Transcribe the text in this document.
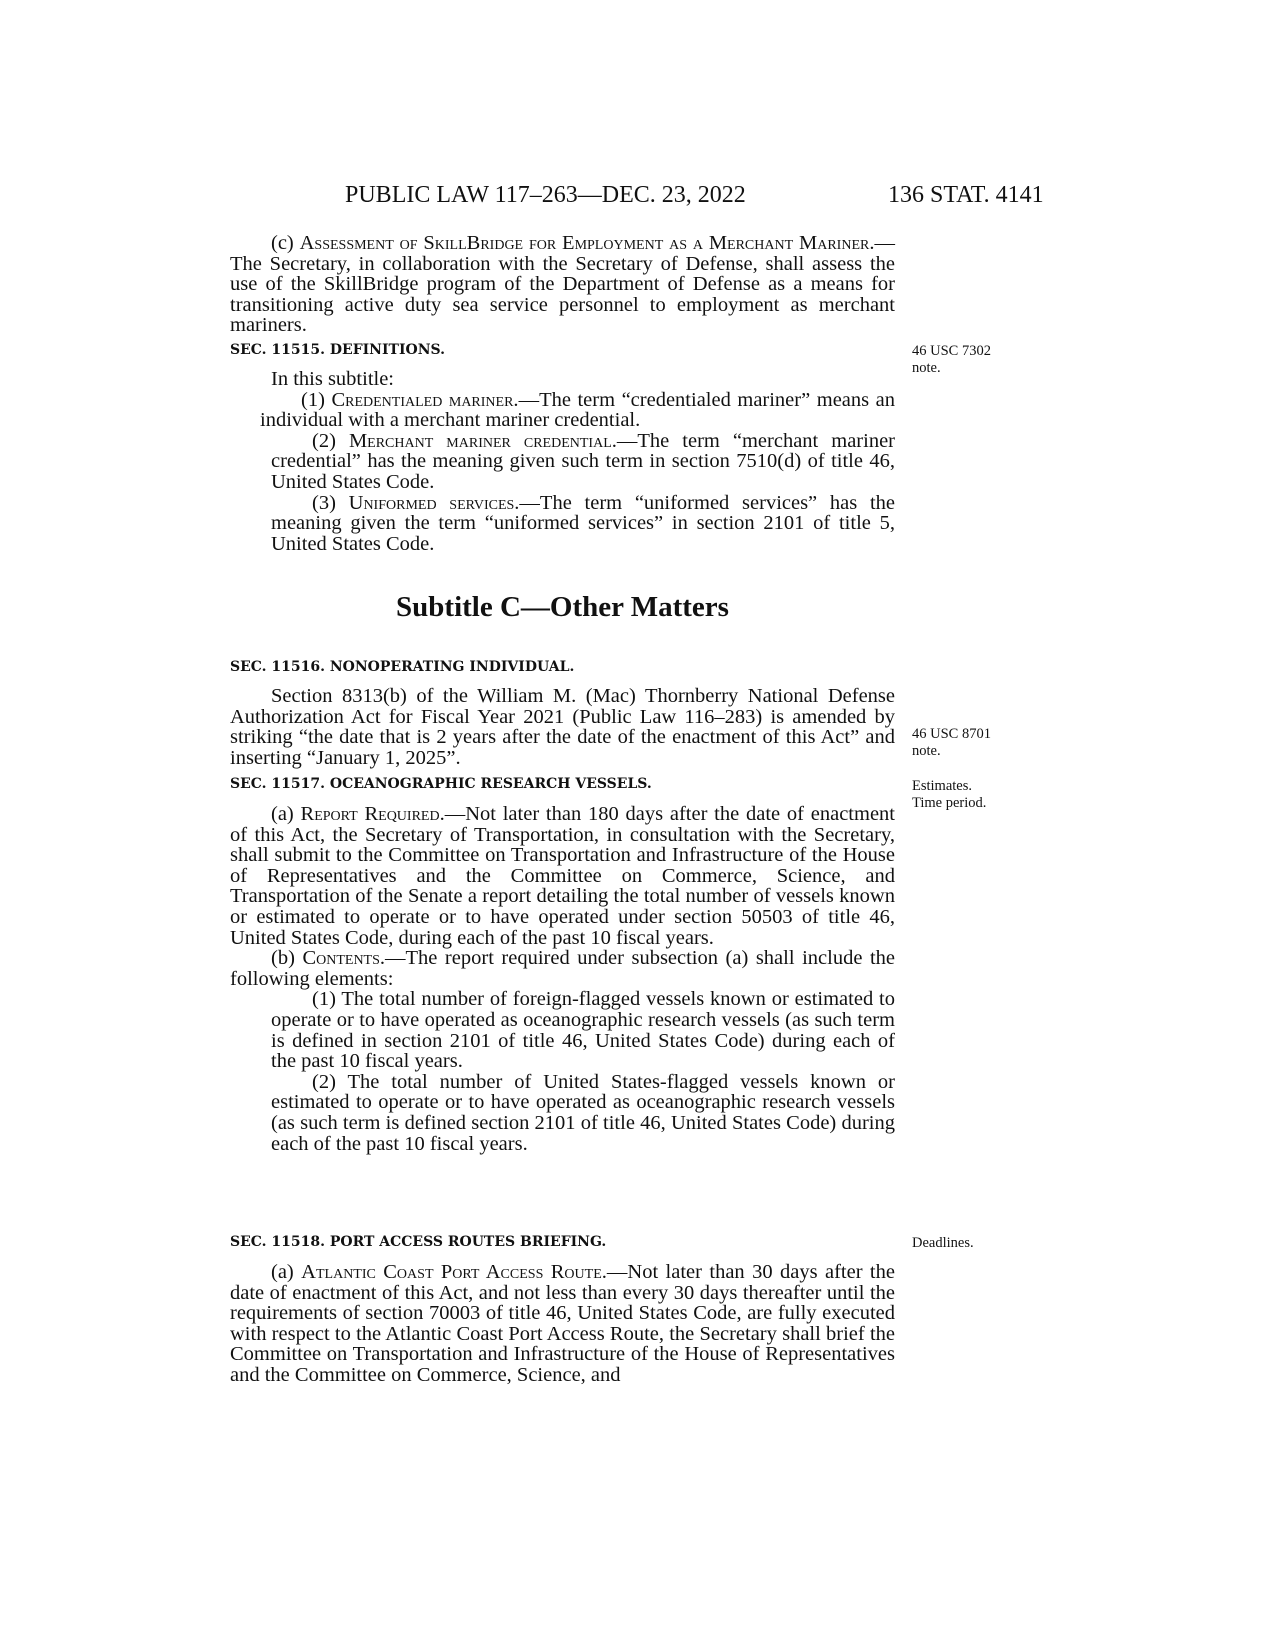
PUBLIC LAW 117–263—DEC. 23, 2022	136 STAT. 4141

(c) Assessment of SkillBridge for Employment as a Merchant Mariner.—The Secretary, in collaboration with the Secretary of Defense, shall assess the use of the SkillBridge program of the Department of Defense as a means for transitioning active duty sea service personnel to employment as merchant mariners.

SEC. 11515. DEFINITIONS.

In this subtitle:

(1) Credentialed mariner.—The term “credentialed mariner” means an individual with a merchant mariner credential.

(2) Merchant mariner credential.—The term “merchant mariner credential” has the meaning given such term in section 7510(d) of title 46, United States Code.

(3) Uniformed services.—The term “uniformed services” has the meaning given the term “uniformed services” in section 2101 of title 5, United States Code.

Subtitle C—Other Matters
SEC. 11516. NONOPERATING INDIVIDUAL.

Section 8313(b) of the William M. (Mac) Thornberry National Defense Authorization Act for Fiscal Year 2021 (Public Law 116–283) is amended by striking “the date that is 2 years after the date of the enactment of this Act” and inserting “January 1, 2025”.

SEC. 11517. OCEANOGRAPHIC RESEARCH VESSELS.

(a) Report Required.—Not later than 180 days after the date of enactment of this Act, the Secretary of Transportation, in consultation with the Secretary, shall submit to the Committee on Transportation and Infrastructure of the House of Representatives and the Committee on Commerce, Science, and Transportation of the Senate a report detailing the total number of vessels known or estimated to operate or to have operated under section 50503 of title 46, United States Code, during each of the past 10 fiscal years.

(b) Contents.—The report required under subsection (a) shall include the following elements:

(1) The total number of foreign-flagged vessels known or estimated to operate or to have operated as oceanographic research vessels (as such term is defined in section 2101 of title 46, United States Code) during each of the past 10 fiscal years.

(2) The total number of United States-flagged vessels known or estimated to operate or to have operated as oceanographic research vessels (as such term is defined section 2101 of title 46, United States Code) during each of the past 10 fiscal years.

SEC. 11518. PORT ACCESS ROUTES BRIEFING.

(a) Atlantic Coast Port Access Route.—Not later than 30 days after the date of enactment of this Act, and not less than every 30 days thereafter until the requirements of section 70003 of title 46, United States Code, are fully executed with respect to the Atlantic Coast Port Access Route, the Secretary shall brief the Committee on Transportation and Infrastructure of the House of Representatives and the Committee on Commerce, Science, and

46 USC 7302
note.
46 USC 8701
note.
Estimates.
Time period.
Deadlines.
